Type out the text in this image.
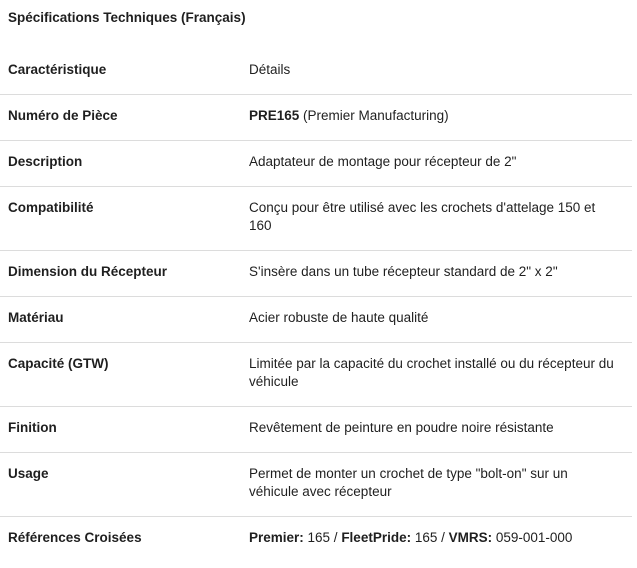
Spécifications Techniques (Français)
Caractéristique	Détails
Numéro de Pièce	PRE165 (Premier Manufacturing)
Description	Adaptateur de montage pour récepteur de 2"
Compatibilité	Conçu pour être utilisé avec les crochets d'attelage 150 et 160
Dimension du Récepteur	S'insère dans un tube récepteur standard de 2" x 2"
Matériau	Acier robuste de haute qualité
Capacité (GTW)	Limitée par la capacité du crochet installé ou du récepteur du véhicule
Finition	Revêtement de peinture en poudre noire résistante
Usage	Permet de monter un crochet de type "bolt-on" sur un véhicule avec récepteur
Références Croisées	Premier: 165 / FleetPride: 165 / VMRS: 059-001-000
